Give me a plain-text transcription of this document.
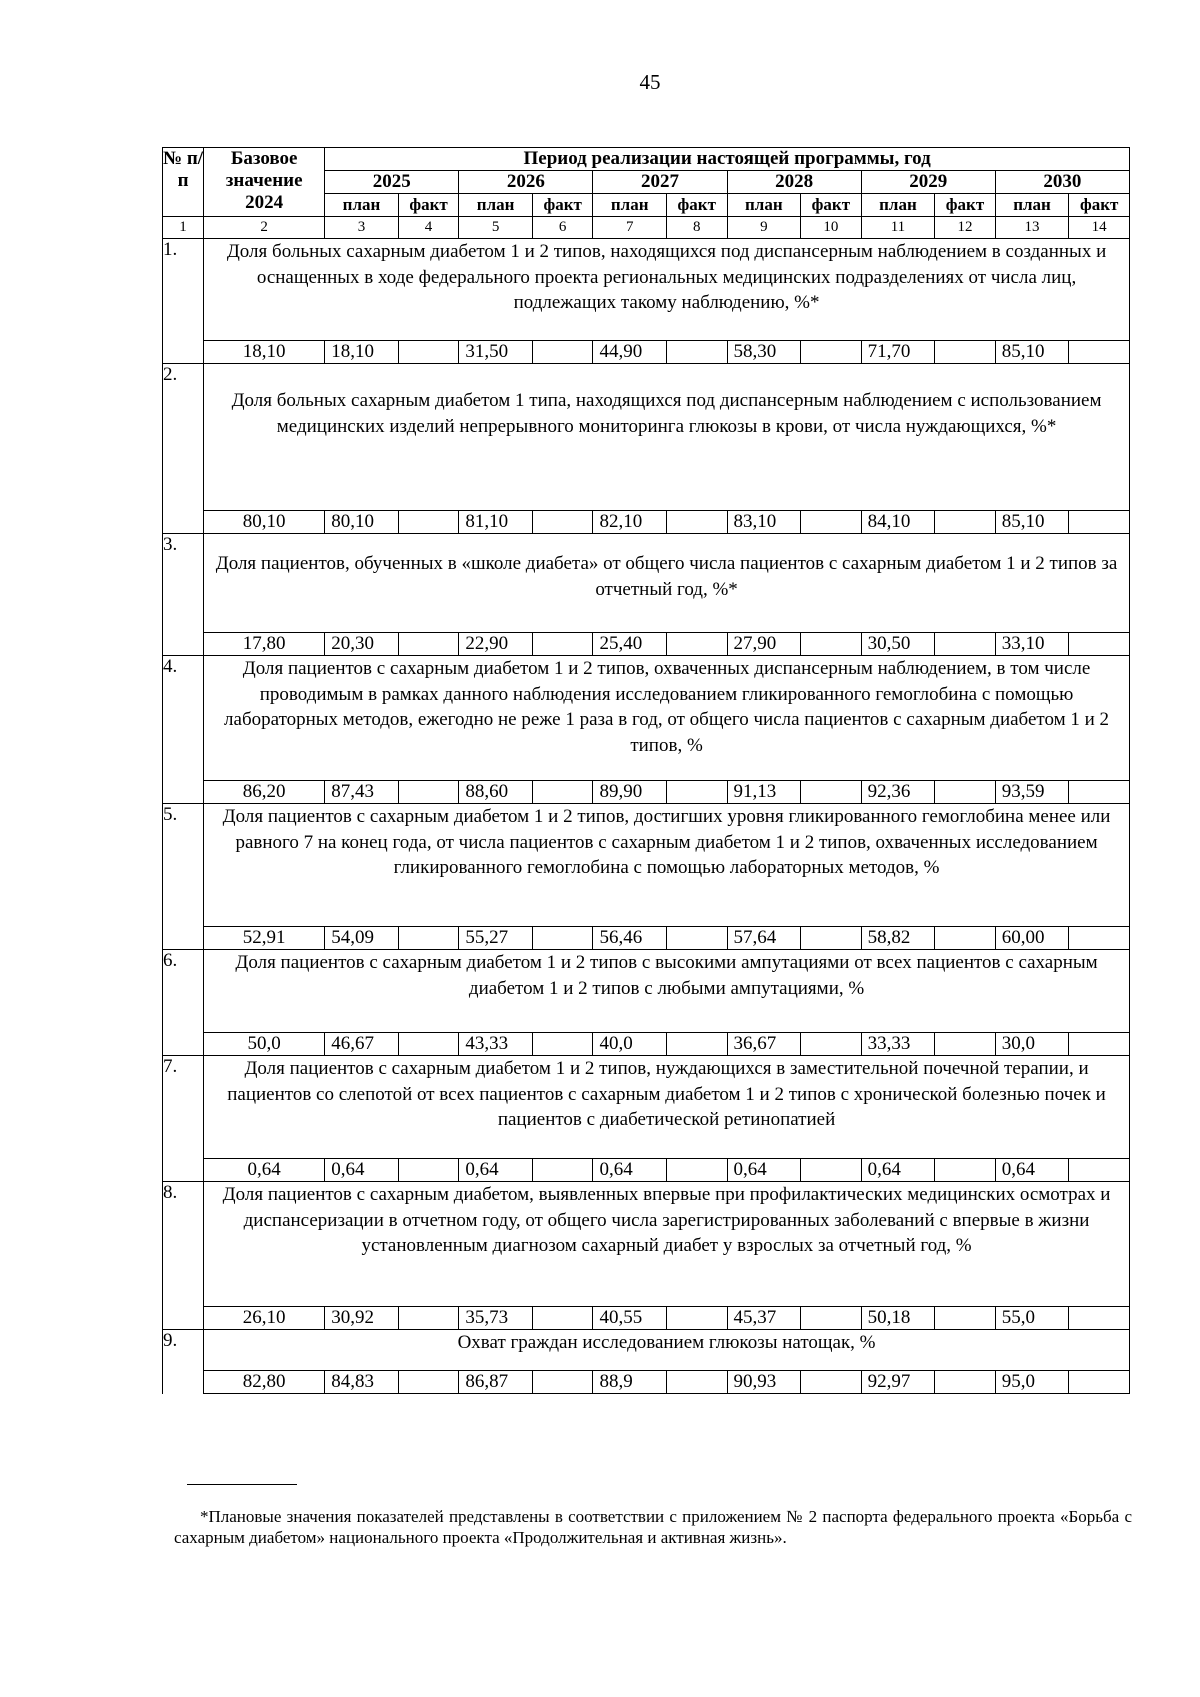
45
№ п/п	Базовое значение 2024	Период реализации настоящей программы, год											
		2025		2026		2027		2028		2029		2030	
		план	факт	план	факт	план	факт	план	факт	план	факт	план	факт
1	2	3	4	5	6	7	8	9	10	11	12	13	14
1.	Доля больных сахарным диабетом 1 и 2 типов, находящихся под диспансерным наблюдением в созданных и оснащенных в ходе федерального проекта региональных медицинских подразделениях от числа лиц, подлежащих такому наблюдению, %*												
	18,10	18,10		31,50		44,90		58,30		71,70		85,10	
2.	Доля больных сахарным диабетом 1 типа, находящихся под диспансерным наблюдением с использованием медицинских изделий непрерывного мониторинга глюкозы в крови, от числа нуждающихся, %*												
	80,10	80,10		81,10		82,10		83,10		84,10		85,10	
3.	Доля пациентов, обученных в «школе диабета» от общего числа пациентов с сахарным диабетом 1 и 2 типов за отчетный год, %*												
	17,80	20,30		22,90		25,40		27,90		30,50		33,10	
4.	Доля пациентов с сахарным диабетом 1 и 2 типов, охваченных диспансерным наблюдением, в том числе проводимым в рамках данного наблюдения исследованием гликированного гемоглобина с помощью лабораторных методов, ежегодно не реже 1 раза в год, от общего числа пациентов с сахарным диабетом 1 и 2 типов, %												
	86,20	87,43		88,60		89,90		91,13		92,36		93,59	
5.	Доля пациентов с сахарным диабетом 1 и 2 типов, достигших уровня гликированного гемоглобина менее или равного 7 на конец года, от числа пациентов с сахарным диабетом 1 и 2 типов, охваченных исследованием гликированного гемоглобина с помощью лабораторных методов, %												
	52,91	54,09		55,27		56,46		57,64		58,82		60,00	
6.	Доля пациентов с сахарным диабетом 1 и 2 типов с высокими ампутациями от всех пациентов с сахарным диабетом 1 и 2 типов с любыми ампутациями, %												
	50,0	46,67		43,33		40,0		36,67		33,33		30,0	
7.	Доля пациентов с сахарным диабетом 1 и 2 типов, нуждающихся в заместительной почечной терапии, и пациентов со слепотой от всех пациентов с сахарным диабетом 1 и 2 типов с хронической болезнью почек и пациентов с диабетической ретинопатией												
	0,64	0,64		0,64		0,64		0,64		0,64		0,64	
8.	Доля пациентов с сахарным диабетом, выявленных впервые при профилактических медицинских осмотрах и диспансеризации в отчетном году, от общего числа зарегистрированных заболеваний с впервые в жизни установленным диагнозом сахарный диабет у взрослых за отчетный год, %												
	26,10	30,92		35,73		40,55		45,37		50,18		55,0	
9.	Охват граждан исследованием глюкозы натощак, %												
	82,80	84,83		86,87		88,9		90,93		92,97		95,0	
*Плановые значения показателей представлены в соответствии с приложением № 2 паспорта федерального проекта «Борьба с сахарным диабетом» национального проекта «Продолжительная и активная жизнь».
